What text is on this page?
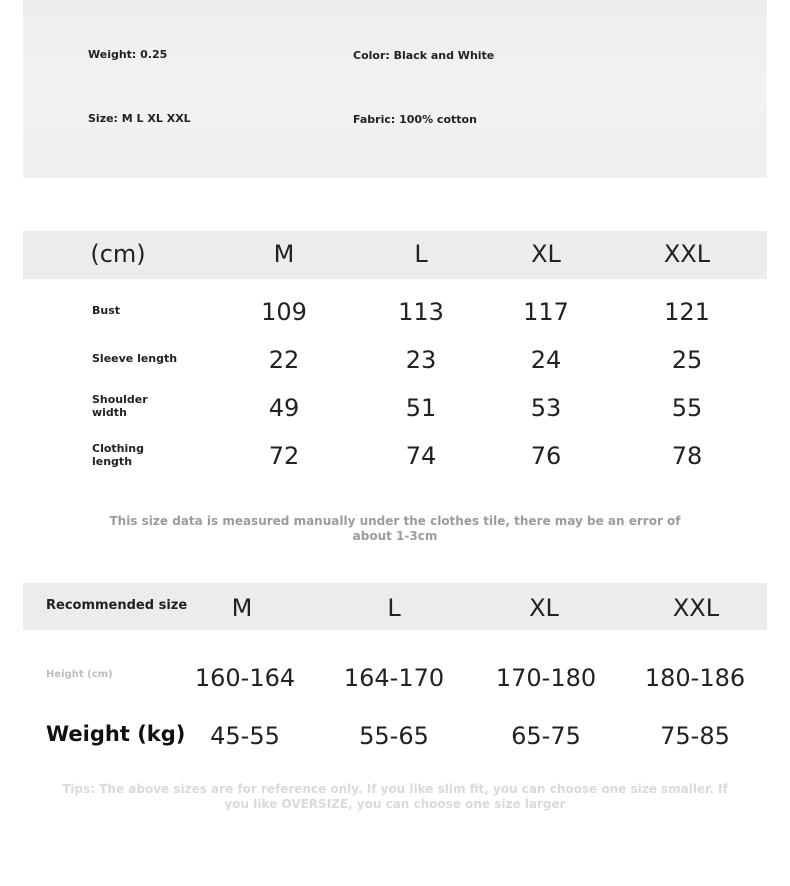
Weight: 0.25	Color: Black and White
Size: M L XL XXL	Fabric: 100% cotton
(cm)	M	L	XL	XXL
Bust	109	113	117	121
Sleeve length	22	23	24	25
Shoulder width	49	51	53	55
Clothing length	72	74	76	78
This size data is measured manually under the clothes tile, there may be an error of about 1-3cm
Recommended size M	L	XL	XXL
Height (cm)	160-164 164-170 170-180 180-186
Weight (kg) 45-55	55-65	65-75	75-85
Tips: The above sizes are for reference only. If you like slim fit, you can choose one size smaller. If you like OVERSIZE, you can choose one size larger
